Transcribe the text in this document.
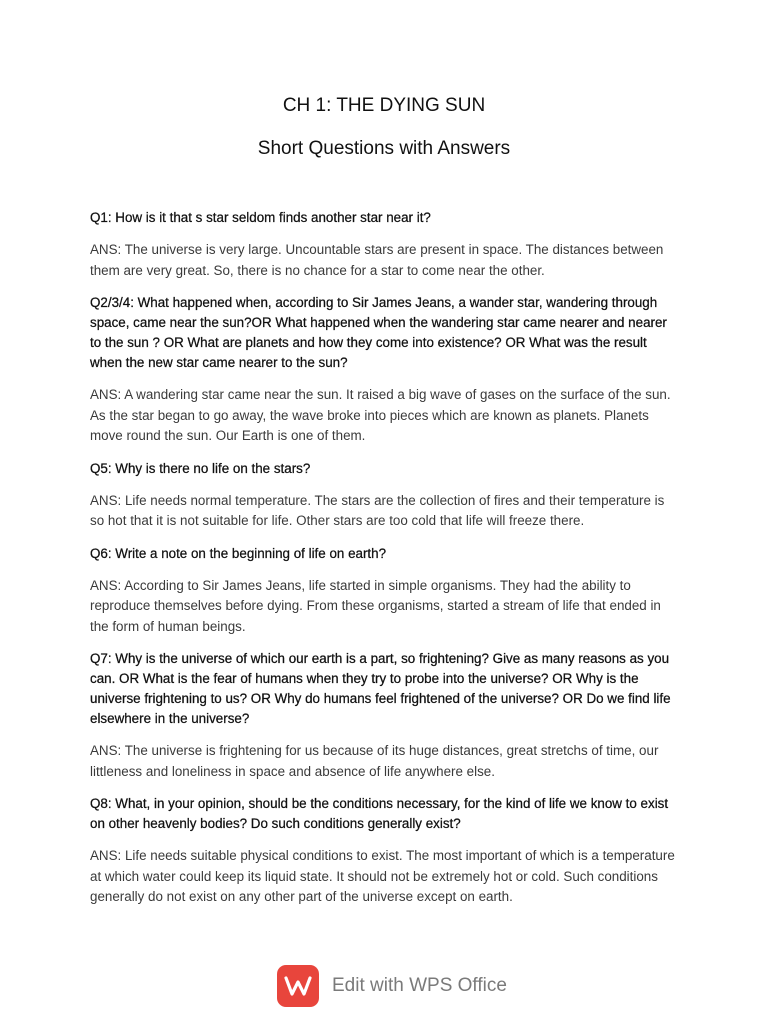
CH 1: THE DYING SUN
Short Questions with Answers

Q1: How is it that s star seldom finds another star near it?

ANS: The universe is very large. Uncountable stars are present in space. The distances between them are very great. So, there is no chance for a star to come near the other.

Q2/3/4: What happened when, according to Sir James Jeans, a wander star, wandering through space, came near the sun?OR What happened when the wandering star came nearer and nearer to the sun ? OR What are planets and how they come into existence? OR What was the result when the new star came nearer to the sun?

ANS: A wandering star came near the sun. It raised a big wave of gases on the surface of the sun. As the star began to go away, the wave broke into pieces which are known as planets. Planets move round the sun. Our Earth is one of them.

Q5: Why is there no life on the stars?

ANS: Life needs normal temperature. The stars are the collection of fires and their temperature is so hot that it is not suitable for life. Other stars are too cold that life will freeze there.

Q6: Write a note on the beginning of life on earth?

ANS: According to Sir James Jeans, life started in simple organisms. They had the ability to reproduce themselves before dying. From these organisms, started a stream of life that ended in the form of human beings.

Q7: Why is the universe of which our earth is a part, so frightening? Give as many reasons as you can. OR What is the fear of humans when they try to probe into the universe? OR Why is the universe frightening to us? OR Why do humans feel frightened of the universe? OR Do we find life elsewhere in the universe?

ANS: The universe is frightening for us because of its huge distances, great stretchs of time, our littleness and loneliness in space and absence of life anywhere else.

Q8: What, in your opinion, should be the conditions necessary, for the kind of life we know to exist on other heavenly bodies? Do such conditions generally exist?

ANS: Life needs suitable physical conditions to exist. The most important of which is a temperature at which water could keep its liquid state. It should not be extremely hot or cold. Such conditions generally do not exist on any other part of the universe except on earth.

Edit with WPS Office
